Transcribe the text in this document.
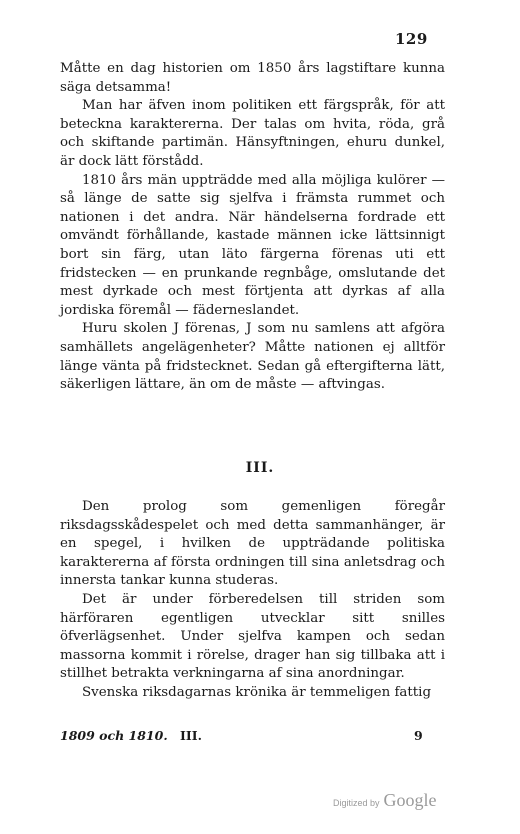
129

Måtte en dag historien om 1850 års lagstiftare kunna säga detsamma!

Man har äfven inom politiken ett färgspråk, för att beteckna karaktererna. Der talas om hvita, röda, grå och skiftande partimän. Hänsyftningen, ehuru dunkel, är dock lätt förstådd.

1810 års män uppträdde med alla möjliga kulörer — så länge de satte sig sjelfva i främsta rummet och nationen i det andra. När händelserna fordrade ett omvändt förhållande, kastade männen icke lättsinnigt bort sin färg, utan läto färgerna förenas uti ett fridstecken — en prunkande regnbåge, omslutande det mest dyrkade och mest förtjenta att dyrkas af alla jordiska föremål — fäderneslandet.

Huru skolen J förenas, J som nu samlens att afgöra samhällets angelägenheter? Måtte nationen ej alltför länge vänta på fridstecknet. Sedan gå eftergifterna lätt, säkerligen lättare, än om de måste — aftvingas.

III.

Den prolog som gemenligen föregår riksdagsskådespelet och med detta sammanhänger, är en spegel, i hvilken de uppträdande politiska karaktererna af första ordningen till sina anletsdrag och innersta tankar kunna studeras.

Det är under förberedelsen till striden som härföraren egentligen utvecklar sitt snilles öfverlägsenhet. Under sjelfva kampen och sedan massorna kommit i rörelse, drager han sig tillbaka att i stillhet betrakta verkningarna af sina anordningar.

Svenska riksdagarnas krönika är temmeligen fattig

1809 och 1810. III.	9
Digitized by Google
